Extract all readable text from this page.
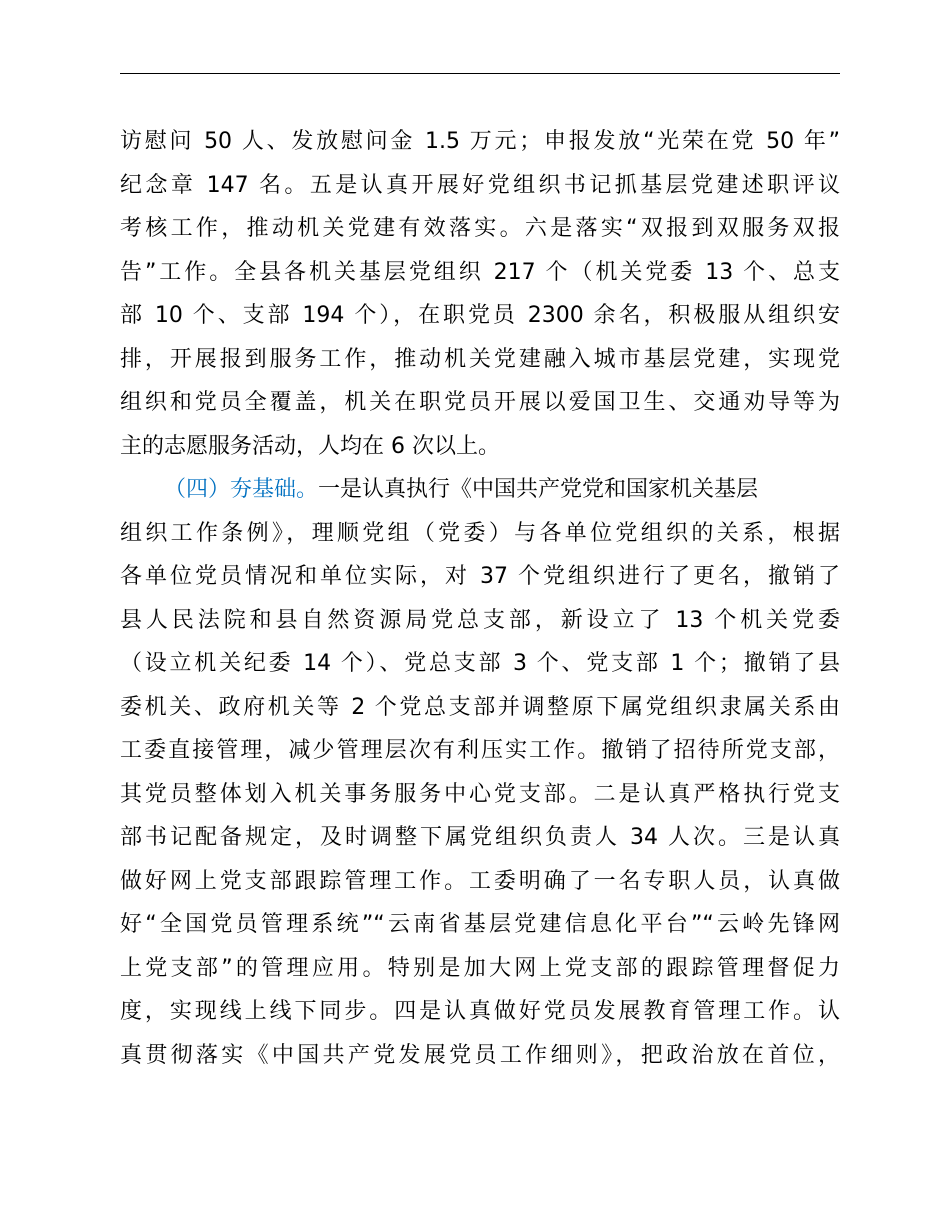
访慰问 50 人、发放慰问金 1.5 万元；申报发放“光荣在党 50 年”
纪念章 147 名。五是认真开展好党组织书记抓基层党建述职评议
考核工作，推动机关党建有效落实。六是落实“双报到双服务双报
告”工作。全县各机关基层党组织 217 个（机关党委 13 个、总支
部 10 个、支部 194 个），在职党员 2300 余名，积极服从组织安
排，开展报到服务工作，推动机关党建融入城市基层党建，实现党
组织和党员全覆盖，机关在职党员开展以爱国卫生、交通劝导等为
主的志愿服务活动，人均在 6 次以上。
（四）夯基础。一是认真执行《中国共产党党和国家机关基层
组织工作条例》，理顺党组（党委）与各单位党组织的关系，根据
各单位党员情况和单位实际，对 37 个党组织进行了更名，撤销了
县人民法院和县自然资源局党总支部，新设立了 13 个机关党委
（设立机关纪委 14 个）、党总支部 3 个、党支部 1 个；撤销了县
委机关、政府机关等 2 个党总支部并调整原下属党组织隶属关系由
工委直接管理，减少管理层次有利压实工作。撤销了招待所党支部，
其党员整体划入机关事务服务中心党支部。二是认真严格执行党支
部书记配备规定，及时调整下属党组织负责人 34 人次。三是认真
做好网上党支部跟踪管理工作。工委明确了一名专职人员，认真做
好“全国党员管理系统”“云南省基层党建信息化平台”“云岭先锋网
上党支部”的管理应用。特别是加大网上党支部的跟踪管理督促力
度，实现线上线下同步。四是认真做好党员发展教育管理工作。认
真贯彻落实《中国共产党发展党员工作细则》，把政治放在首位，
